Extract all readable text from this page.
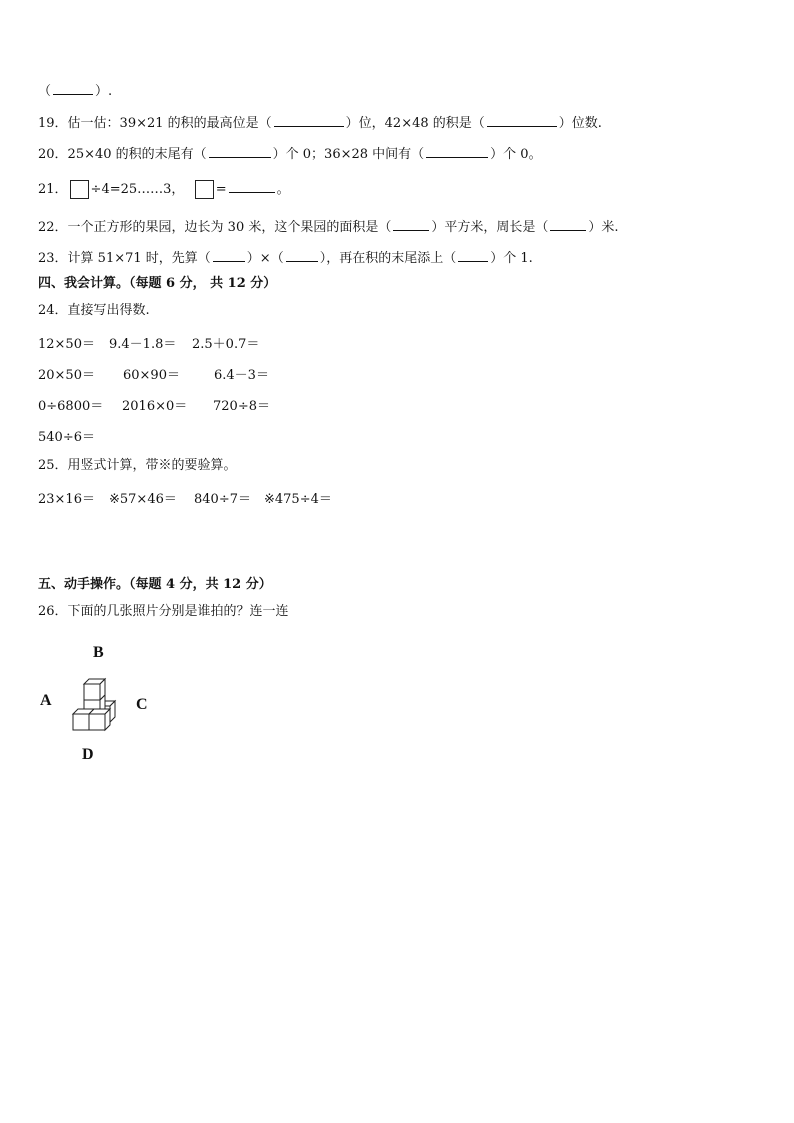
（	）.
19．估一估：39×21 的积的最高位是（	）位，42×48 的积是（	）位数.
20．25×40 的积的末尾有（	）个 0；36×28 中间有（	）个 0。
21． ÷4=25……3， =	。
22．一个正方形的果园，边长为 30 米，这个果园的面积是（	）平方米，周长是（	）米.
23．计算 51×71 时，先算（	）×（	），再在积的末尾添上（	）个 1.
四、我会计算。（每题 6 分， 共 12 分）
24．直接写出得数.
12×50＝ 9.4－1.8＝ 2.5＋0.7＝
20×50＝ 60×90＝	6.4－3＝
0÷6800＝ 2016×0＝ 720÷8＝
540÷6＝
25．用竖式计算，带※的要验算。
23×16＝ ※57×46＝ 840÷7＝ ※475÷4＝
五、动手操作。（每题 4 分，共 12 分）
26．下面的几张照片分别是谁拍的？连一连
B
A	C
D
